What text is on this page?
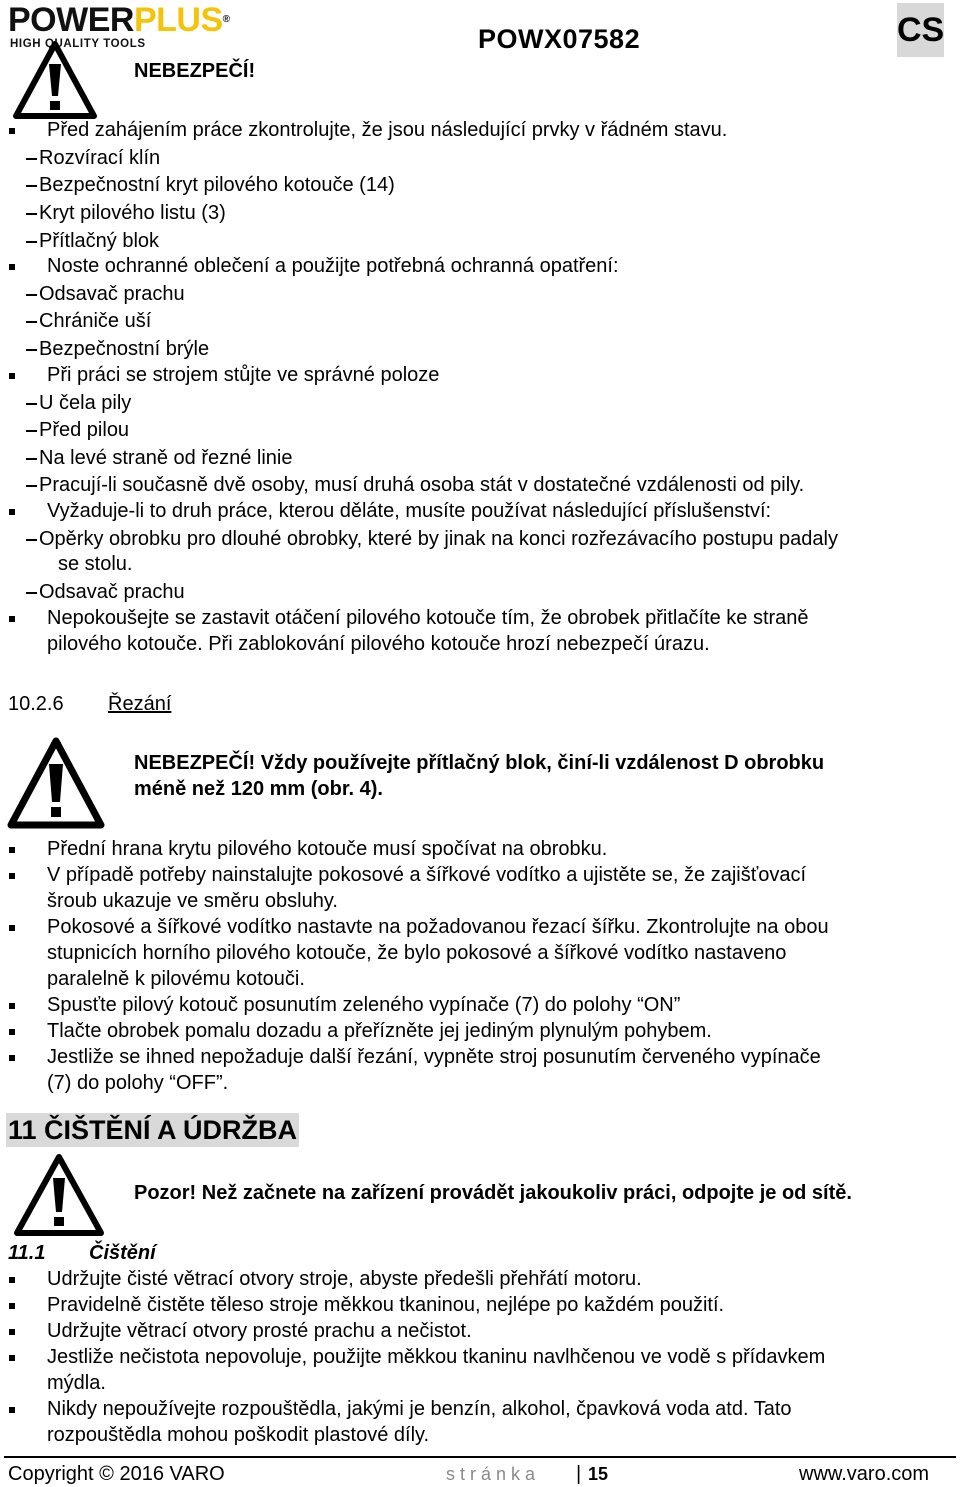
POWERPLUS®
HIGH QUALITY TOOLS	POWX07582	CS
NEBEZPEČÍ!
Před zahájením práce zkontrolujte, že jsou následující prvky v řádném stavu.
Rozvírací klín
Bezpečnostní kryt pilového kotouče (14)
Kryt pilového listu (3)
Přítlačný blok
Noste ochranné oblečení a použijte potřebná ochranná opatření:
Odsavač prachu
Chrániče uší
Bezpečnostní brýle
Při práci se strojem stůjte ve správné poloze
U čela pily
Před pilou
Na levé straně od řezné linie
Pracují-li současně dvě osoby, musí druhá osoba stát v dostatečné vzdálenosti od pily.
Vyžaduje-li to druh práce, kterou děláte, musíte používat následující příslušenství:
Opěrky obrobku pro dlouhé obrobky, které by jinak na konci rozřezávacího postupu padaly
se stolu.
Odsavač prachu
Nepokoušejte se zastavit otáčení pilového kotouče tím, že obrobek přitlačíte ke straně
pilového kotouče. Při zablokování pilového kotouče hrozí nebezpečí úrazu.
10.2.6 Řezání
NEBEZPEČÍ! Vždy používejte přítlačný blok, činí-li vzdálenost D obrobku
méně než 120 mm (obr. 4).
Přední hrana krytu pilového kotouče musí spočívat na obrobku.
V případě potřeby nainstalujte pokosové a šířkové vodítko a ujistěte se, že zajišťovací
šroub ukazuje ve směru obsluhy.
Pokosové a šířkové vodítko nastavte na požadovanou řezací šířku. Zkontrolujte na obou
stupnicích horního pilového kotouče, že bylo pokosové a šířkové vodítko nastaveno
paralelně k pilovému kotouči.
Spusťte pilový kotouč posunutím zeleného vypínače (7) do polohy “ON”
Tlačte obrobek pomalu dozadu a přeřízněte jej jediným plynulým pohybem.
Jestliže se ihned nepožaduje další řezání, vypněte stroj posunutím červeného vypínače
(7) do polohy “OFF”.
11 ČIŠTĚNÍ A ÚDRŽBA
Pozor! Než začnete na zařízení provádět jakoukoliv práci, odpojte je od sítě.
11.1 Čištění
Udržujte čisté větrací otvory stroje, abyste předešli přehřátí motoru.
Pravidelně čistěte těleso stroje měkkou tkaninou, nejlépe po každém použití.
Udržujte větrací otvory prosté prachu a nečistot.
Jestliže nečistota nepovoluje, použijte měkkou tkaninu navlhčenou ve vodě s přídavkem
mýdla.
Nikdy nepoužívejte rozpouštědla, jakými je benzín, alkohol, čpavková voda atd. Tato
rozpouštědla mohou poškodit plastové díly.
Copyright © 2016 VARO	s t r á n k a | 15	www.varo.com
